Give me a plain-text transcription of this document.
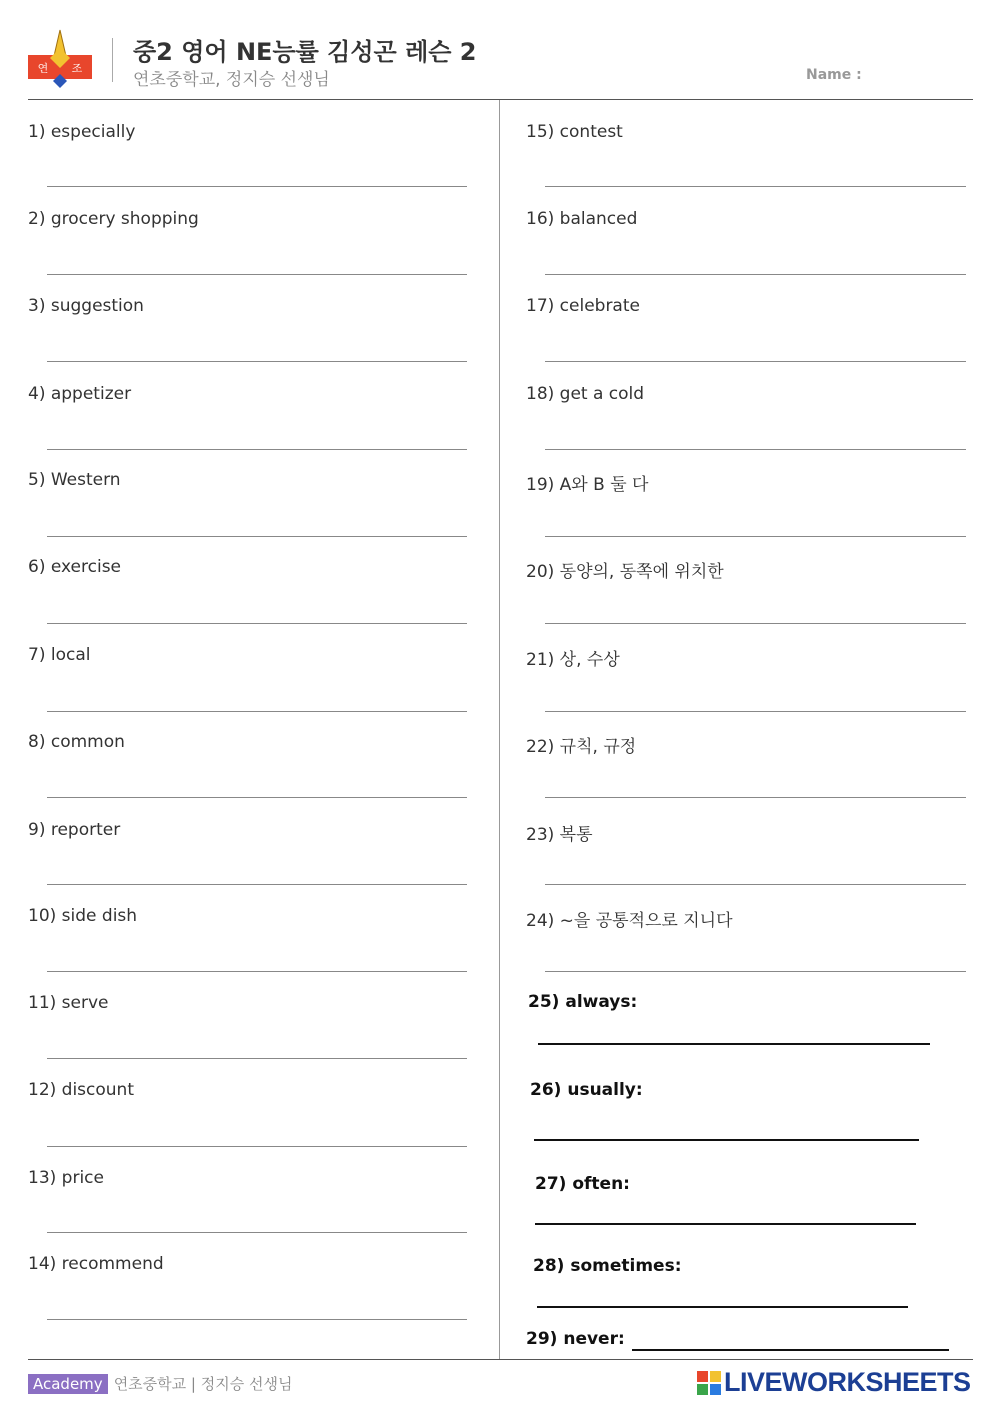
연 조
중2 영어 NE능률 김성곤 레슨 2
연초중학교, 정지승 선생님	Name :
1) especially
2) grocery shopping
3) suggestion
4) appetizer
5) Western
6) exercise
7) local
8) common
9) reporter
10) side dish
11) serve
12) discount
13) price
14) recommend
15) contest
16) balanced
17) celebrate
18) get a cold
19) A와 B 둘 다
20) 동양의, 동쪽에 위치한
21) 상, 수상
22) 규칙, 규정
23) 복통
24) ~을 공통적으로 지니다
25) always:
26) usually:
27) often:
28) sometimes:
29) never:
Academy 연초중학교 | 정지승 선생님	LIVEWORKSHEETS
